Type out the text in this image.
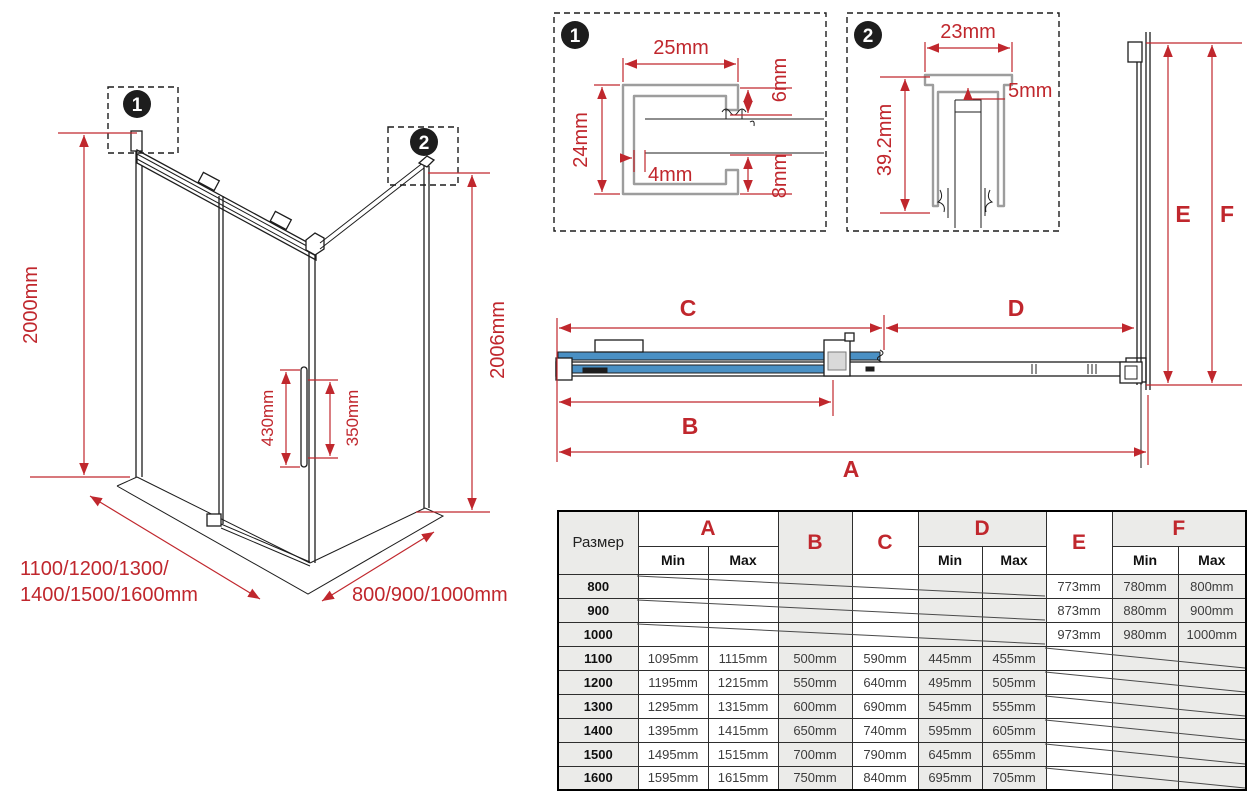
1
2
2000mm	2006mm
430mm	350mm
1100/1200/1300/
1400/1500/1600mm	800/900/1000mm
1
25mm
24mm
4mm
6mm
8mm
2	23mm
39.2mm
5mm
C	D
B
A
E F
Размер	A		B	C	D		E	F	
	Min	Max			Min	Max		Min	Max
800							773mm	780mm	800mm
900							873mm	880mm	900mm
1000							973mm	980mm	1000mm
1100	1095mm	1115mm	500mm	590mm	445mm	455mm			
1200	1195mm	1215mm	550mm	640mm	495mm	505mm			
1300	1295mm	1315mm	600mm	690mm	545mm	555mm			
1400	1395mm	1415mm	650mm	740mm	595mm	605mm			
1500	1495mm	1515mm	700mm	790mm	645mm	655mm			
1600	1595mm	1615mm	750mm	840mm	695mm	705mm			
